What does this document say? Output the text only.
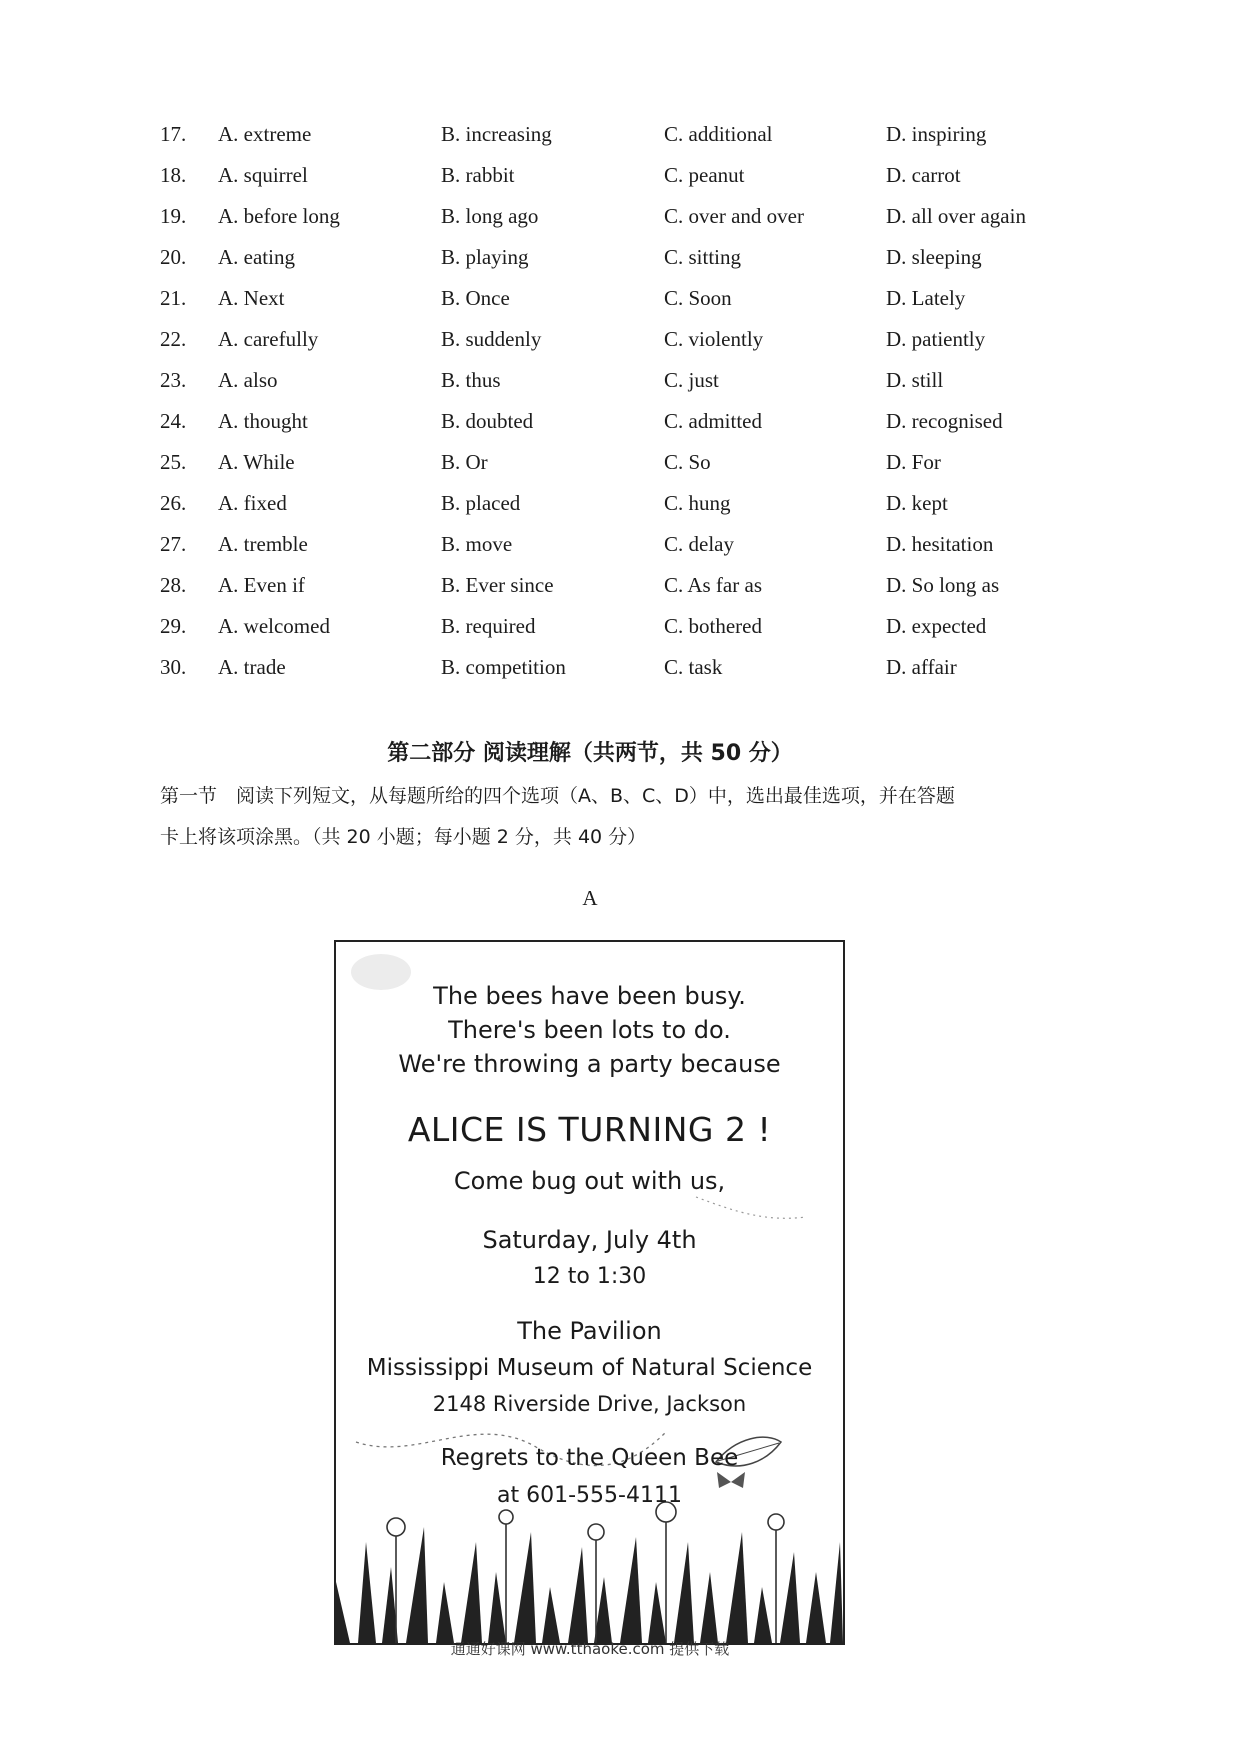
17. A. extreme	B. increasing	C. additional	D. inspiring
18. A. squirrel	B. rabbit	C. peanut	D. carrot
19. A. before long	B. long ago	C. over and over	D. all over again
20. A. eating	B. playing	C. sitting	D. sleeping
21. A. Next	B. Once	C. Soon	D. Lately
22. A. carefully	B. suddenly	C. violently	D. patiently
23. A. also	B. thus	C. just	D. still
24. A. thought	B. doubted	C. admitted	D. recognised
25. A. While	B. Or	C. So	D. For
26. A. fixed	B. placed	C. hung	D. kept
27. A. tremble	B. move	C. delay	D. hesitation
28. A. Even if	B. Ever since	C. As far as	D. So long as
29. A. welcomed	B. required	C. bothered	D. expected
30. A. trade	B. competition	C. task	D. affair
第二部分 阅读理解（共两节，共 50 分）
第一节　阅读下列短文，从每题所给的四个选项（A、B、C、D）中，选出最佳选项，并在答题
卡上将该项涂黑。（共 20 小题；每小题 2 分，共 40 分）
A
The bees have been busy.
There's been lots to do.
We're throwing a party because
ALICE IS TURNING 2 !
Come bug out with us,
Saturday, July 4th
12 to 1:30
The Pavilion
Mississippi Museum of Natural Science
2148 Riverside Drive, Jackson
Regrets to the Queen Bee
at 601-555-4111
通通好课网 www.tthaoke.com 提供下载
